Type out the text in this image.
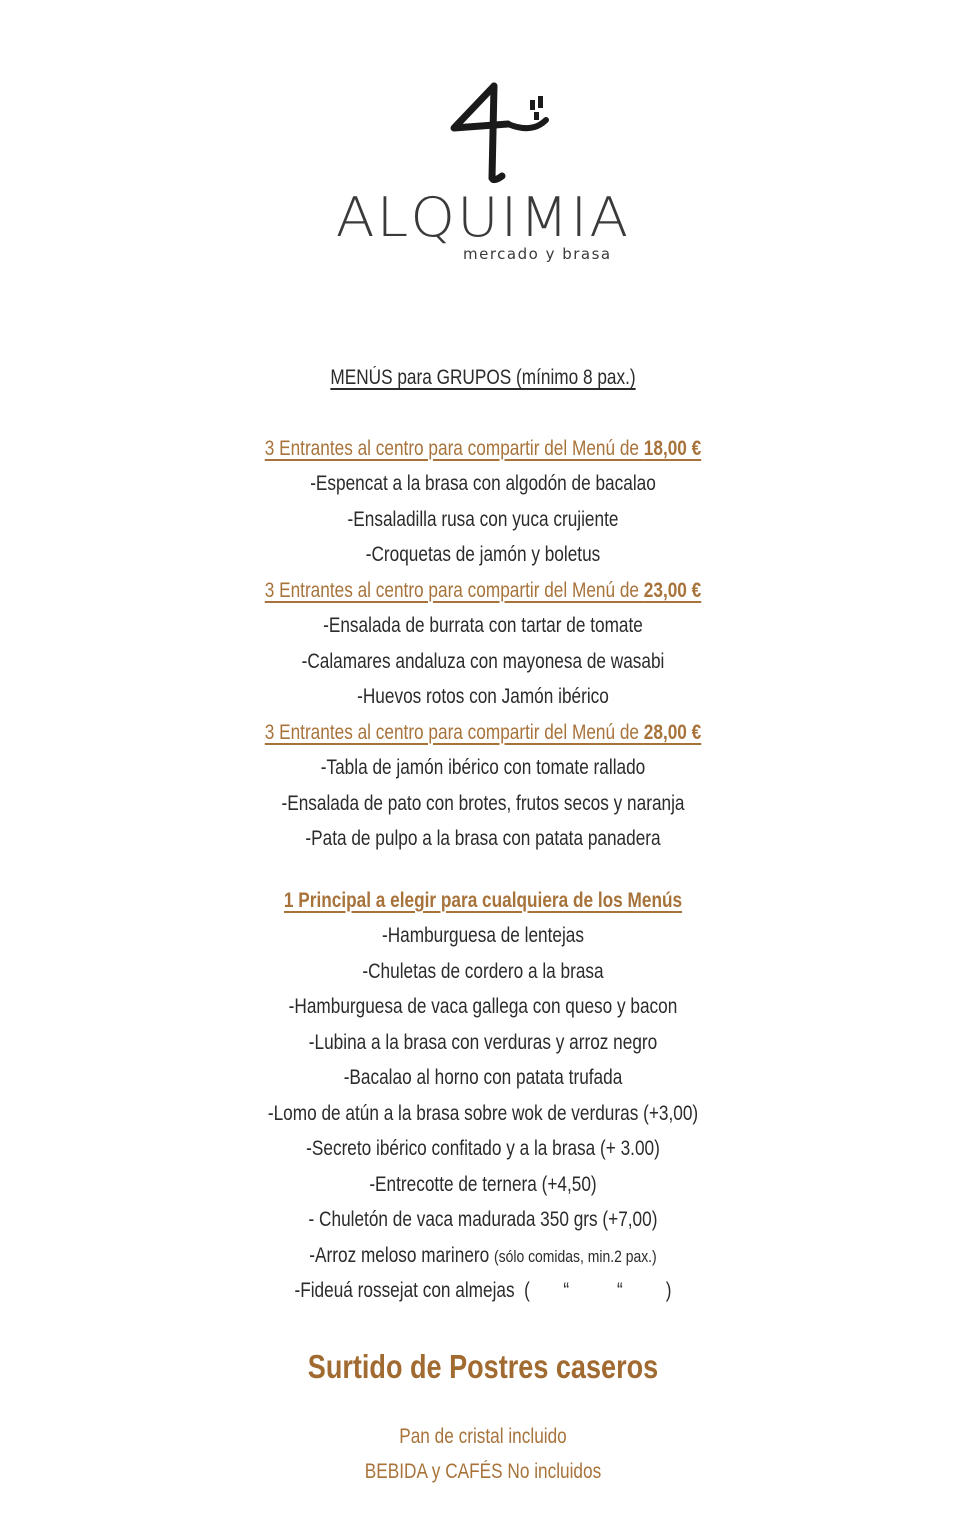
ALQUIMIA
mercado y brasa
MENÚS para GRUPOS (mínimo 8 pax.)
3 Entrantes al centro para compartir del Menú de 18,00 €
-Espencat a la brasa con algodón de bacalao
-Ensaladilla rusa con yuca crujiente
-Croquetas de jamón y boletus
3 Entrantes al centro para compartir del Menú de 23,00 €
-Ensalada de burrata con tartar de tomate
-Calamares andaluza con mayonesa de wasabi
-Huevos rotos con Jamón ibérico
3 Entrantes al centro para compartir del Menú de 28,00 €
-Tabla de jamón ibérico con tomate rallado
-Ensalada de pato con brotes, frutos secos y naranja
-Pata de pulpo a la brasa con patata panadera
1 Principal a elegir para cualquiera de los Menús
-Hamburguesa de lentejas
-Chuletas de cordero a la brasa
-Hamburguesa de vaca gallega con queso y bacon
-Lubina a la brasa con verduras y arroz negro
-Bacalao al horno con patata trufada
-Lomo de atún a la brasa sobre wok de verduras (+3,00)
-Secreto ibérico confitado y a la brasa (+ 3.00)
-Entrecotte de ternera (+4,50)
- Chuletón de vaca madurada 350 grs (+7,00)
-Arroz meloso marinero (sólo comidas, min.2 pax.)
-Fideuá rossejat con almejas  (       “          “         )
Surtido de Postres caseros
Pan de cristal incluido
BEBIDA y CAFÉS No incluidos
